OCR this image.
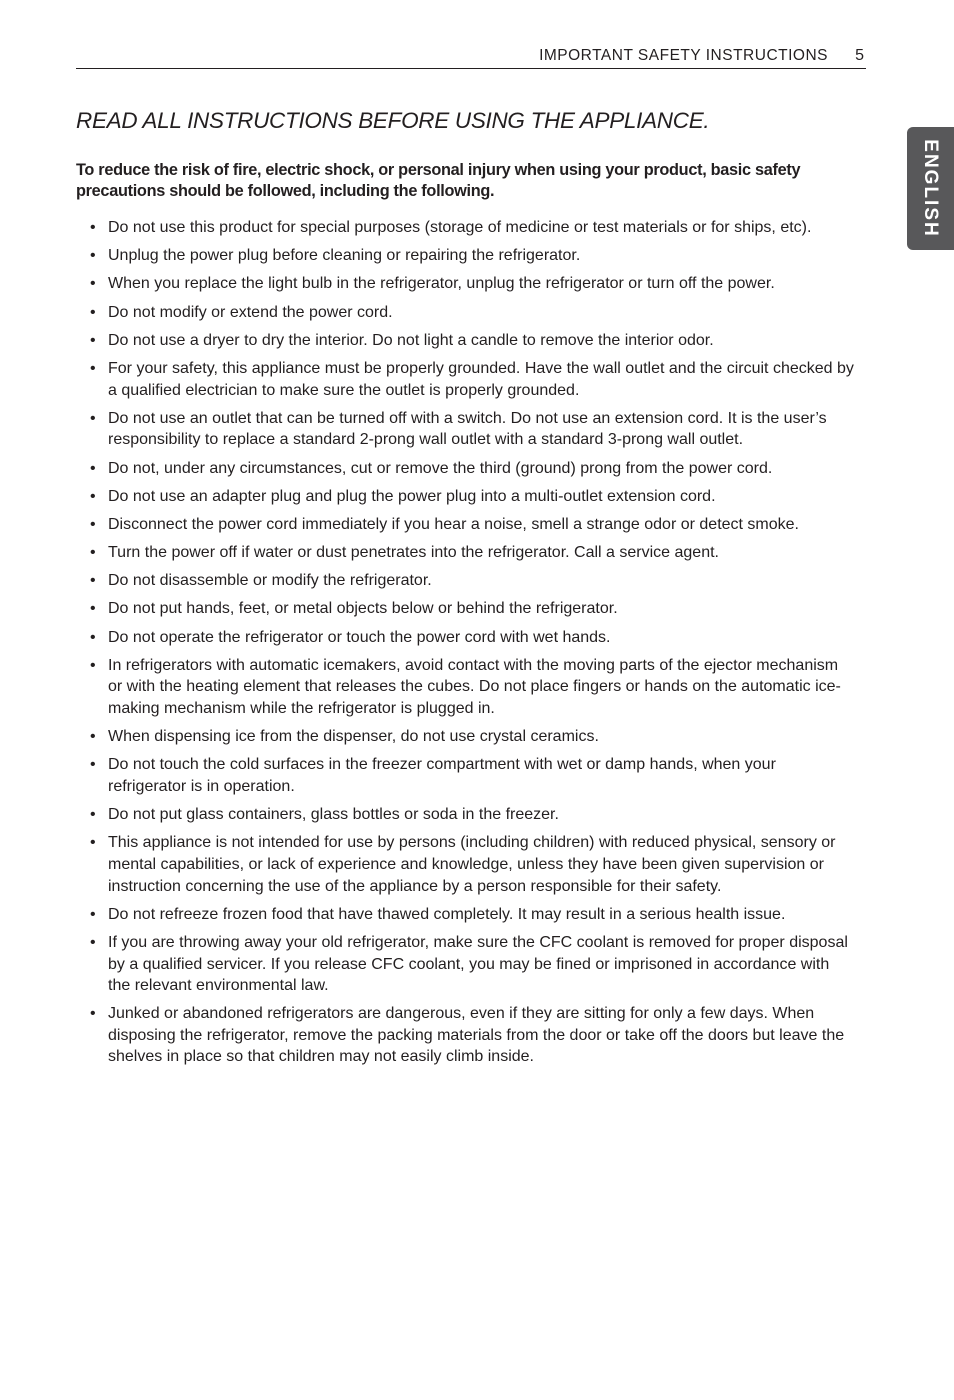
IMPORTANT SAFETY INSTRUCTIONS 5
ENGLISH
READ ALL INSTRUCTIONS BEFORE USING THE APPLIANCE.

To reduce the risk of fire, electric shock, or personal injury when using your product, basic safety precautions should be followed, including the following.

• Do not use this product for special purposes (storage of medicine or test materials or for ships, etc).
• Unplug the power plug before cleaning or repairing the refrigerator.
• When you replace the light bulb in the refrigerator, unplug the refrigerator or turn off the power.
• Do not modify or extend the power cord.
• Do not use a dryer to dry the interior. Do not light a candle to remove the interior odor.
• For your safety, this appliance must be properly grounded. Have the wall outlet and the circuit checked by a qualified electrician to make sure the outlet is properly grounded.
• Do not use an outlet that can be turned off with a switch. Do not use an extension cord. It is the user’s responsibility to replace a standard 2-prong wall outlet with a standard 3-prong wall outlet.
• Do not, under any circumstances, cut or remove the third (ground) prong from the power cord.
• Do not use an adapter plug and plug the power plug into a multi-outlet extension cord.
• Disconnect the power cord immediately if you hear a noise, smell a strange odor or detect smoke.
• Turn the power off if water or dust penetrates into the refrigerator. Call a service agent.
• Do not disassemble or modify the refrigerator.
• Do not put hands, feet, or metal objects below or behind the refrigerator.
• Do not operate the refrigerator or touch the power cord with wet hands.
• In refrigerators with automatic icemakers, avoid contact with the moving parts of the ejector mechanism or with the heating element that releases the cubes. Do not place fingers or hands on the automatic ice-making mechanism while the refrigerator is plugged in.
• When dispensing ice from the dispenser, do not use crystal ceramics.
• Do not touch the cold surfaces in the freezer compartment with wet or damp hands, when your refrigerator is in operation.
• Do not put glass containers, glass bottles or soda in the freezer.
• This appliance is not intended for use by persons (including children) with reduced physical, sensory or mental capabilities, or lack of experience and knowledge, unless they have been given supervision or instruction concerning the use of the appliance by a person responsible for their safety.
• Do not refreeze frozen food that have thawed completely. It may result in a serious health issue.
• If you are throwing away your old refrigerator, make sure the CFC coolant is removed for proper disposal by a qualified servicer. If you release CFC coolant, you may be fined or imprisoned in accordance with the relevant environmental law.
• Junked or abandoned refrigerators are dangerous, even if they are sitting for only a few days. When disposing the refrigerator, remove the packing materials from the door or take off the doors but leave the shelves in place so that children may not easily climb inside.
